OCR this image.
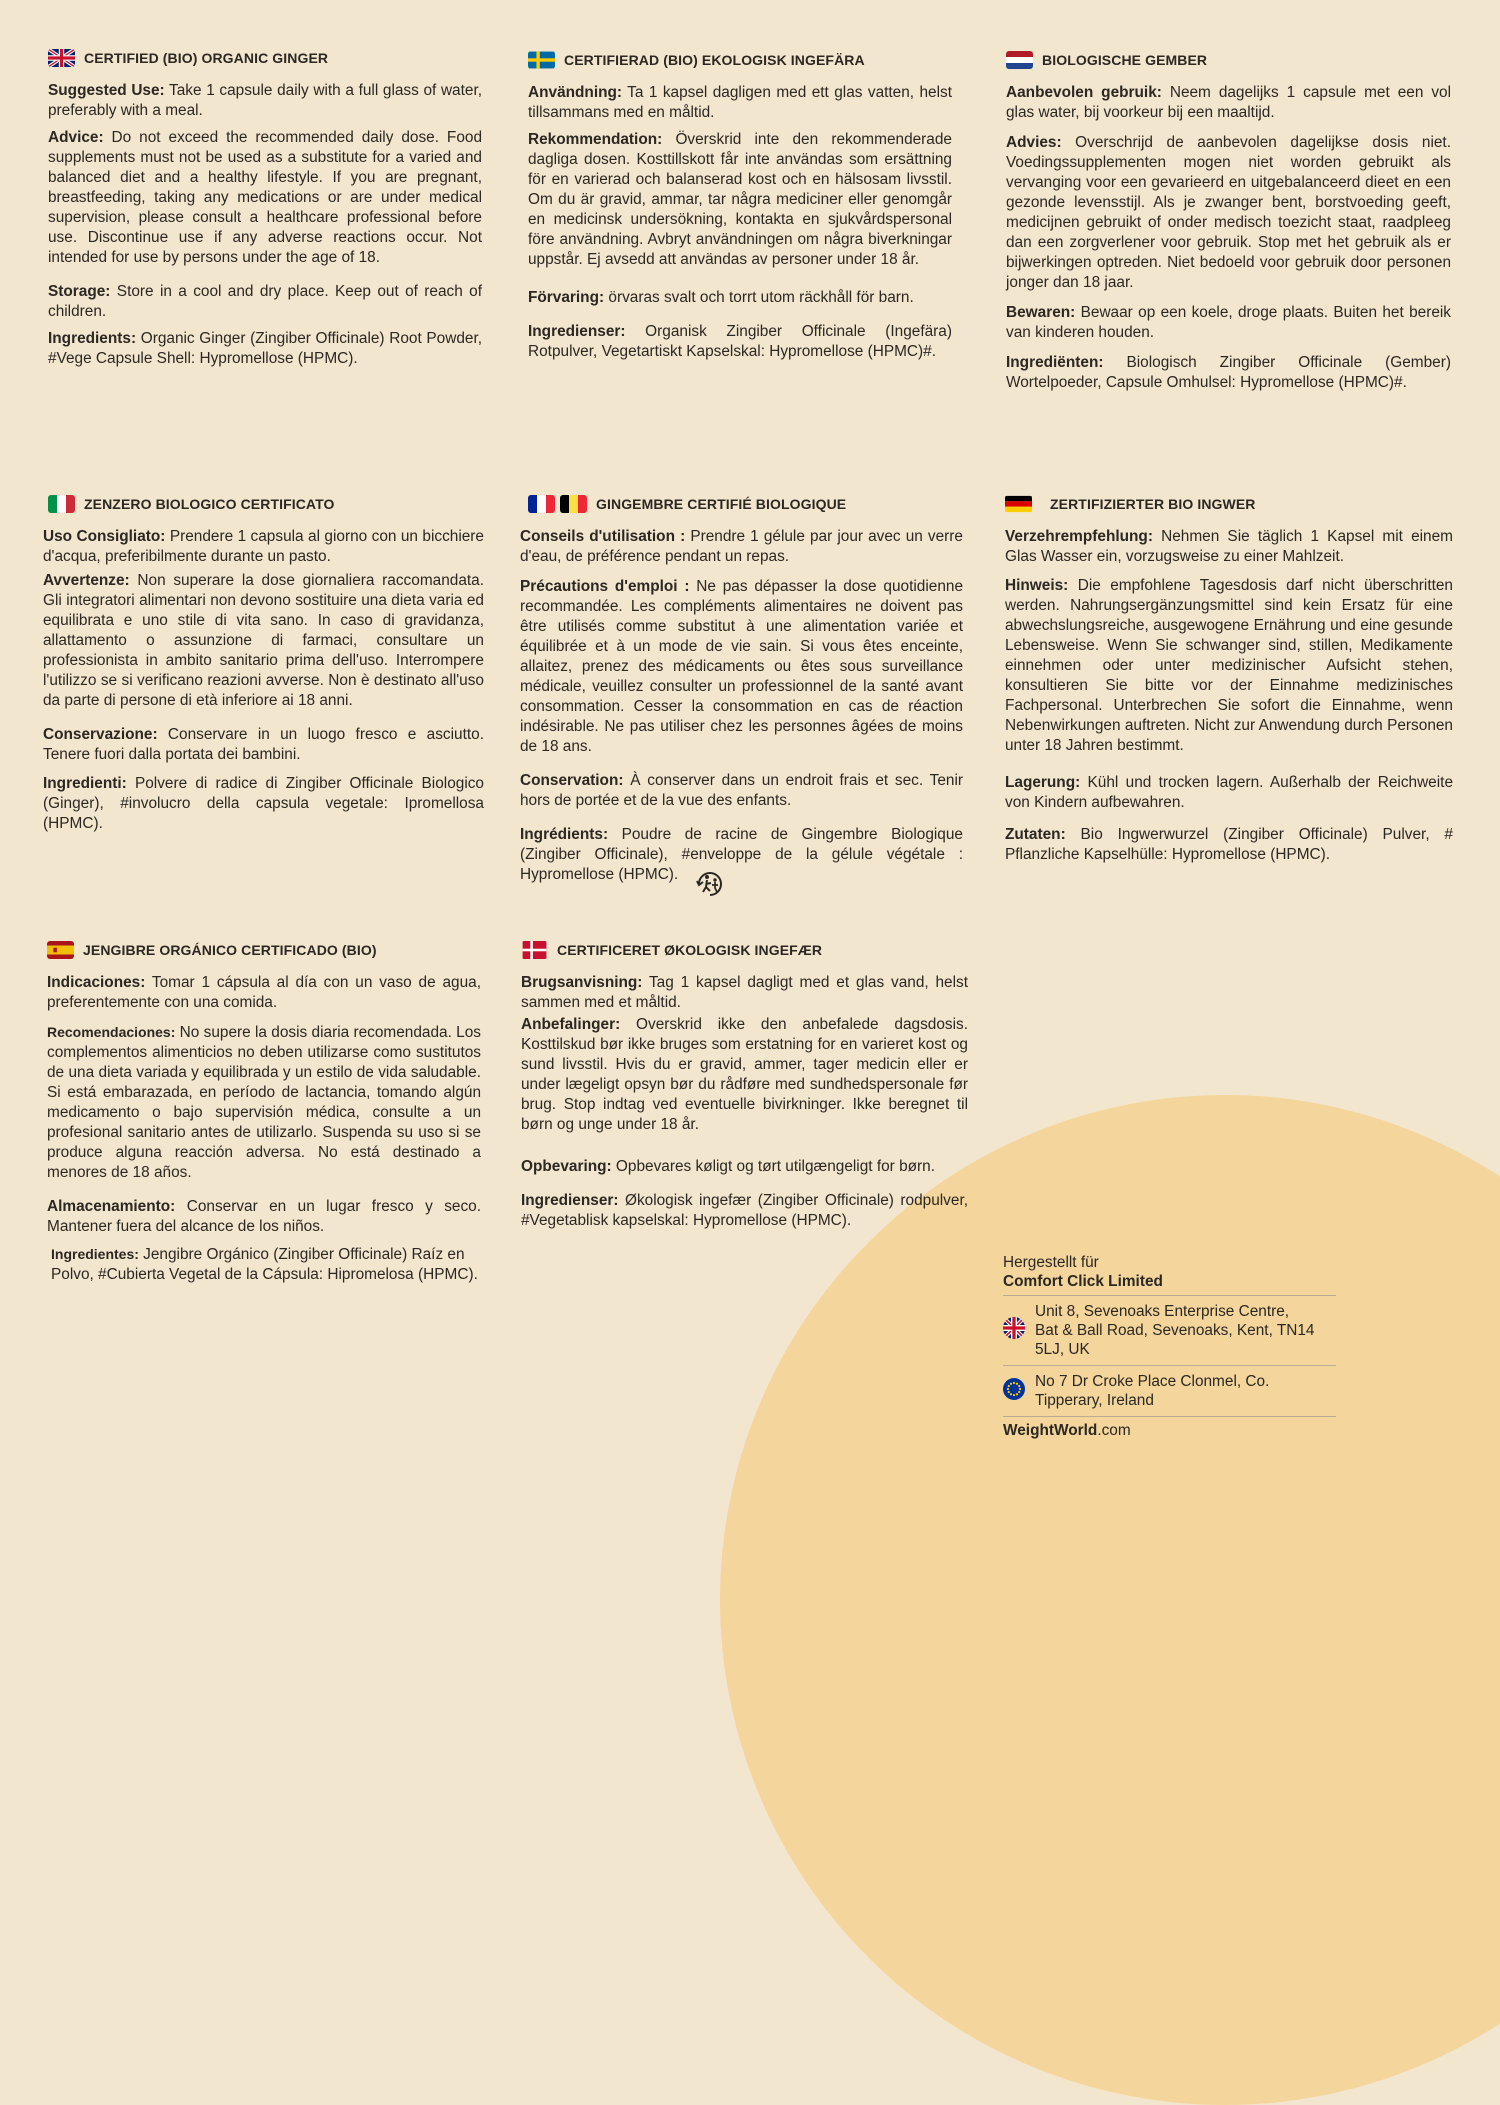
CERTIFIED (BIO) ORGANIC GINGER

Suggested Use: Take 1 capsule daily with a full glass of water, preferably with a meal.

Advice: Do not exceed the recommended daily dose. Food supplements must not be used as a substitute for a varied and balanced diet and a healthy lifestyle. If you are pregnant, breastfeeding, taking any medications or are under medical supervision, please consult a healthcare professional before use. Discontinue use if any adverse reactions occur. Not intended for use by persons under the age of 18.

Storage: Store in a cool and dry place. Keep out of reach of children.

Ingredients: Organic Ginger (Zingiber Officinale) Root Powder, #Vege Capsule Shell: Hypromellose (HPMC).

CERTIFIERAD (BIO) EKOLOGISK INGEFÄRA

Användning: Ta 1 kapsel dagligen med ett glas vatten, helst tillsammans med en måltid.

Rekommendation: Överskrid inte den rekommenderade dagliga dosen. Kosttillskott får inte användas som ersättning för en varierad och balanserad kost och en hälsosam livsstil. Om du är gravid, ammar, tar några mediciner eller genomgår en medicinsk undersökning, kontakta en sjukvårdspersonal före användning. Avbryt användningen om några biverkningar uppstår. Ej avsedd att användas av personer under 18 år.

Förvaring: örvaras svalt och torrt utom räckhåll för barn.

Ingredienser: Organisk Zingiber Officinale (Ingefära) Rotpulver, Vegetartiskt Kapselskal: Hypromellose (HPMC)#.

BIOLOGISCHE GEMBER

Aanbevolen gebruik: Neem dagelijks 1 capsule met een vol glas water, bij voorkeur bij een maaltijd.

Advies: Overschrijd de aanbevolen dagelijkse dosis niet. Voedingssupplementen mogen niet worden gebruikt als vervanging voor een gevarieerd en uitgebalanceerd dieet en een gezonde levensstijl. Als je zwanger bent, borstvoeding geeft, medicijnen gebruikt of onder medisch toezicht staat, raadpleeg dan een zorgverlener voor gebruik. Stop met het gebruik als er bijwerkingen optreden. Niet bedoeld voor gebruik door personen jonger dan 18 jaar.

Bewaren: Bewaar op een koele, droge plaats. Buiten het bereik van kinderen houden.

Ingrediënten: Biologisch Zingiber Officinale (Gember) Wortelpoeder, Capsule Omhulsel: Hypromellose (HPMC)#.

ZENZERO BIOLOGICO CERTIFICATO

Uso Consigliato: Prendere 1 capsula al giorno con un bicchiere d'acqua, preferibilmente durante un pasto.

Avvertenze: Non superare la dose giornaliera raccomandata. Gli integratori alimentari non devono sostituire una dieta varia ed equilibrata e uno stile di vita sano. In caso di gravidanza, allattamento o assunzione di farmaci, consultare un professionista in ambito sanitario prima dell'uso. Interrompere l'utilizzo se si verificano reazioni avverse. Non è destinato all'uso da parte di persone di età inferiore ai 18 anni.

Conservazione: Conservare in un luogo fresco e asciutto. Tenere fuori dalla portata dei bambini.

Ingredienti: Polvere di radice di Zingiber Officinale Biologico (Ginger), #involucro della capsula vegetale: Ipromellosa (HPMC).

GINGEMBRE CERTIFIÉ BIOLOGIQUE

Conseils d'utilisation : Prendre 1 gélule par jour avec un verre d'eau, de préférence pendant un repas.

Précautions d'emploi : Ne pas dépasser la dose quotidienne recommandée. Les compléments alimentaires ne doivent pas être utilisés comme substitut à une alimentation variée et équilibrée et à un mode de vie sain. Si vous êtes enceinte, allaitez, prenez des médicaments ou êtes sous surveillance médicale, veuillez consulter un professionnel de la santé avant consommation. Cesser la consommation en cas de réaction indésirable. Ne pas utiliser chez les personnes âgées de moins de 18 ans.

Conservation: À conserver dans un endroit frais et sec. Tenir hors de portée et de la vue des enfants.

Ingrédients: Poudre de racine de Gingembre Biologique (Zingiber Officinale), #enveloppe de la gélule végétale : Hypromellose (HPMC).

ZERTIFIZIERTER BIO INGWER

Verzehrempfehlung: Nehmen Sie täglich 1 Kapsel mit einem Glas Wasser ein, vorzugsweise zu einer Mahlzeit.

Hinweis: Die empfohlene Tagesdosis darf nicht überschritten werden. Nahrungsergänzungsmittel sind kein Ersatz für eine abwechslungsreiche, ausgewogene Ernährung und eine gesunde Lebensweise. Wenn Sie schwanger sind, stillen, Medikamente einnehmen oder unter medizinischer Aufsicht stehen, konsultieren Sie bitte vor der Einnahme medizinisches Fachpersonal. Unterbrechen Sie sofort die Einnahme, wenn Nebenwirkungen auftreten. Nicht zur Anwendung durch Personen unter 18 Jahren bestimmt.

Lagerung: Kühl und trocken lagern. Außerhalb der Reichweite von Kindern aufbewahren.

Zutaten: Bio Ingwerwurzel (Zingiber Officinale) Pulver, # Pflanzliche Kapselhülle: Hypromellose (HPMC).

JENGIBRE ORGÁNICO CERTIFICADO (BIO)

Indicaciones: Tomar 1 cápsula al día con un vaso de agua, preferentemente con una comida.

Recomendaciones: No supere la dosis diaria recomendada. Los complementos alimenticios no deben utilizarse como sustitutos de una dieta variada y equilibrada y un estilo de vida saludable. Si está embarazada, en período de lactancia, tomando algún medicamento o bajo supervisión médica, consulte a un profesional sanitario antes de utilizarlo. Suspenda su uso si se produce alguna reacción adversa. No está destinado a menores de 18 años.

Almacenamiento: Conservar en un lugar fresco y seco. Mantener fuera del alcance de los niños.

Ingredientes: Jengibre Orgánico (Zingiber Officinale) Raíz en Polvo, #Cubierta Vegetal de la Cápsula: Hipromelosa (HPMC).

CERTIFICERET ØKOLOGISK INGEFÆR

Brugsanvisning: Tag 1 kapsel dagligt med et glas vand, helst sammen med et måltid.

Anbefalinger: Overskrid ikke den anbefalede dagsdosis. Kosttilskud bør ikke bruges som erstatning for en varieret kost og sund livsstil. Hvis du er gravid, ammer, tager medicin eller er under lægeligt opsyn bør du rådføre med sundhedspersonale før brug. Stop indtag ved eventuelle bivirkninger. Ikke beregnet til børn og unge under 18 år.

Opbevaring: Opbevares køligt og tørt utilgængeligt for børn.

Ingredienser: Økologisk ingefær (Zingiber Officinale) rodpulver, #Vegetablisk kapselskal: Hypromellose (HPMC).

Hergestellt für
Comfort Click Limited
Unit 8, Sevenoaks Enterprise Centre, Bat & Ball Road, Sevenoaks, Kent, TN14 5LJ, UK
No 7 Dr Croke Place Clonmel, Co. Tipperary, Ireland
WeightWorld.com
